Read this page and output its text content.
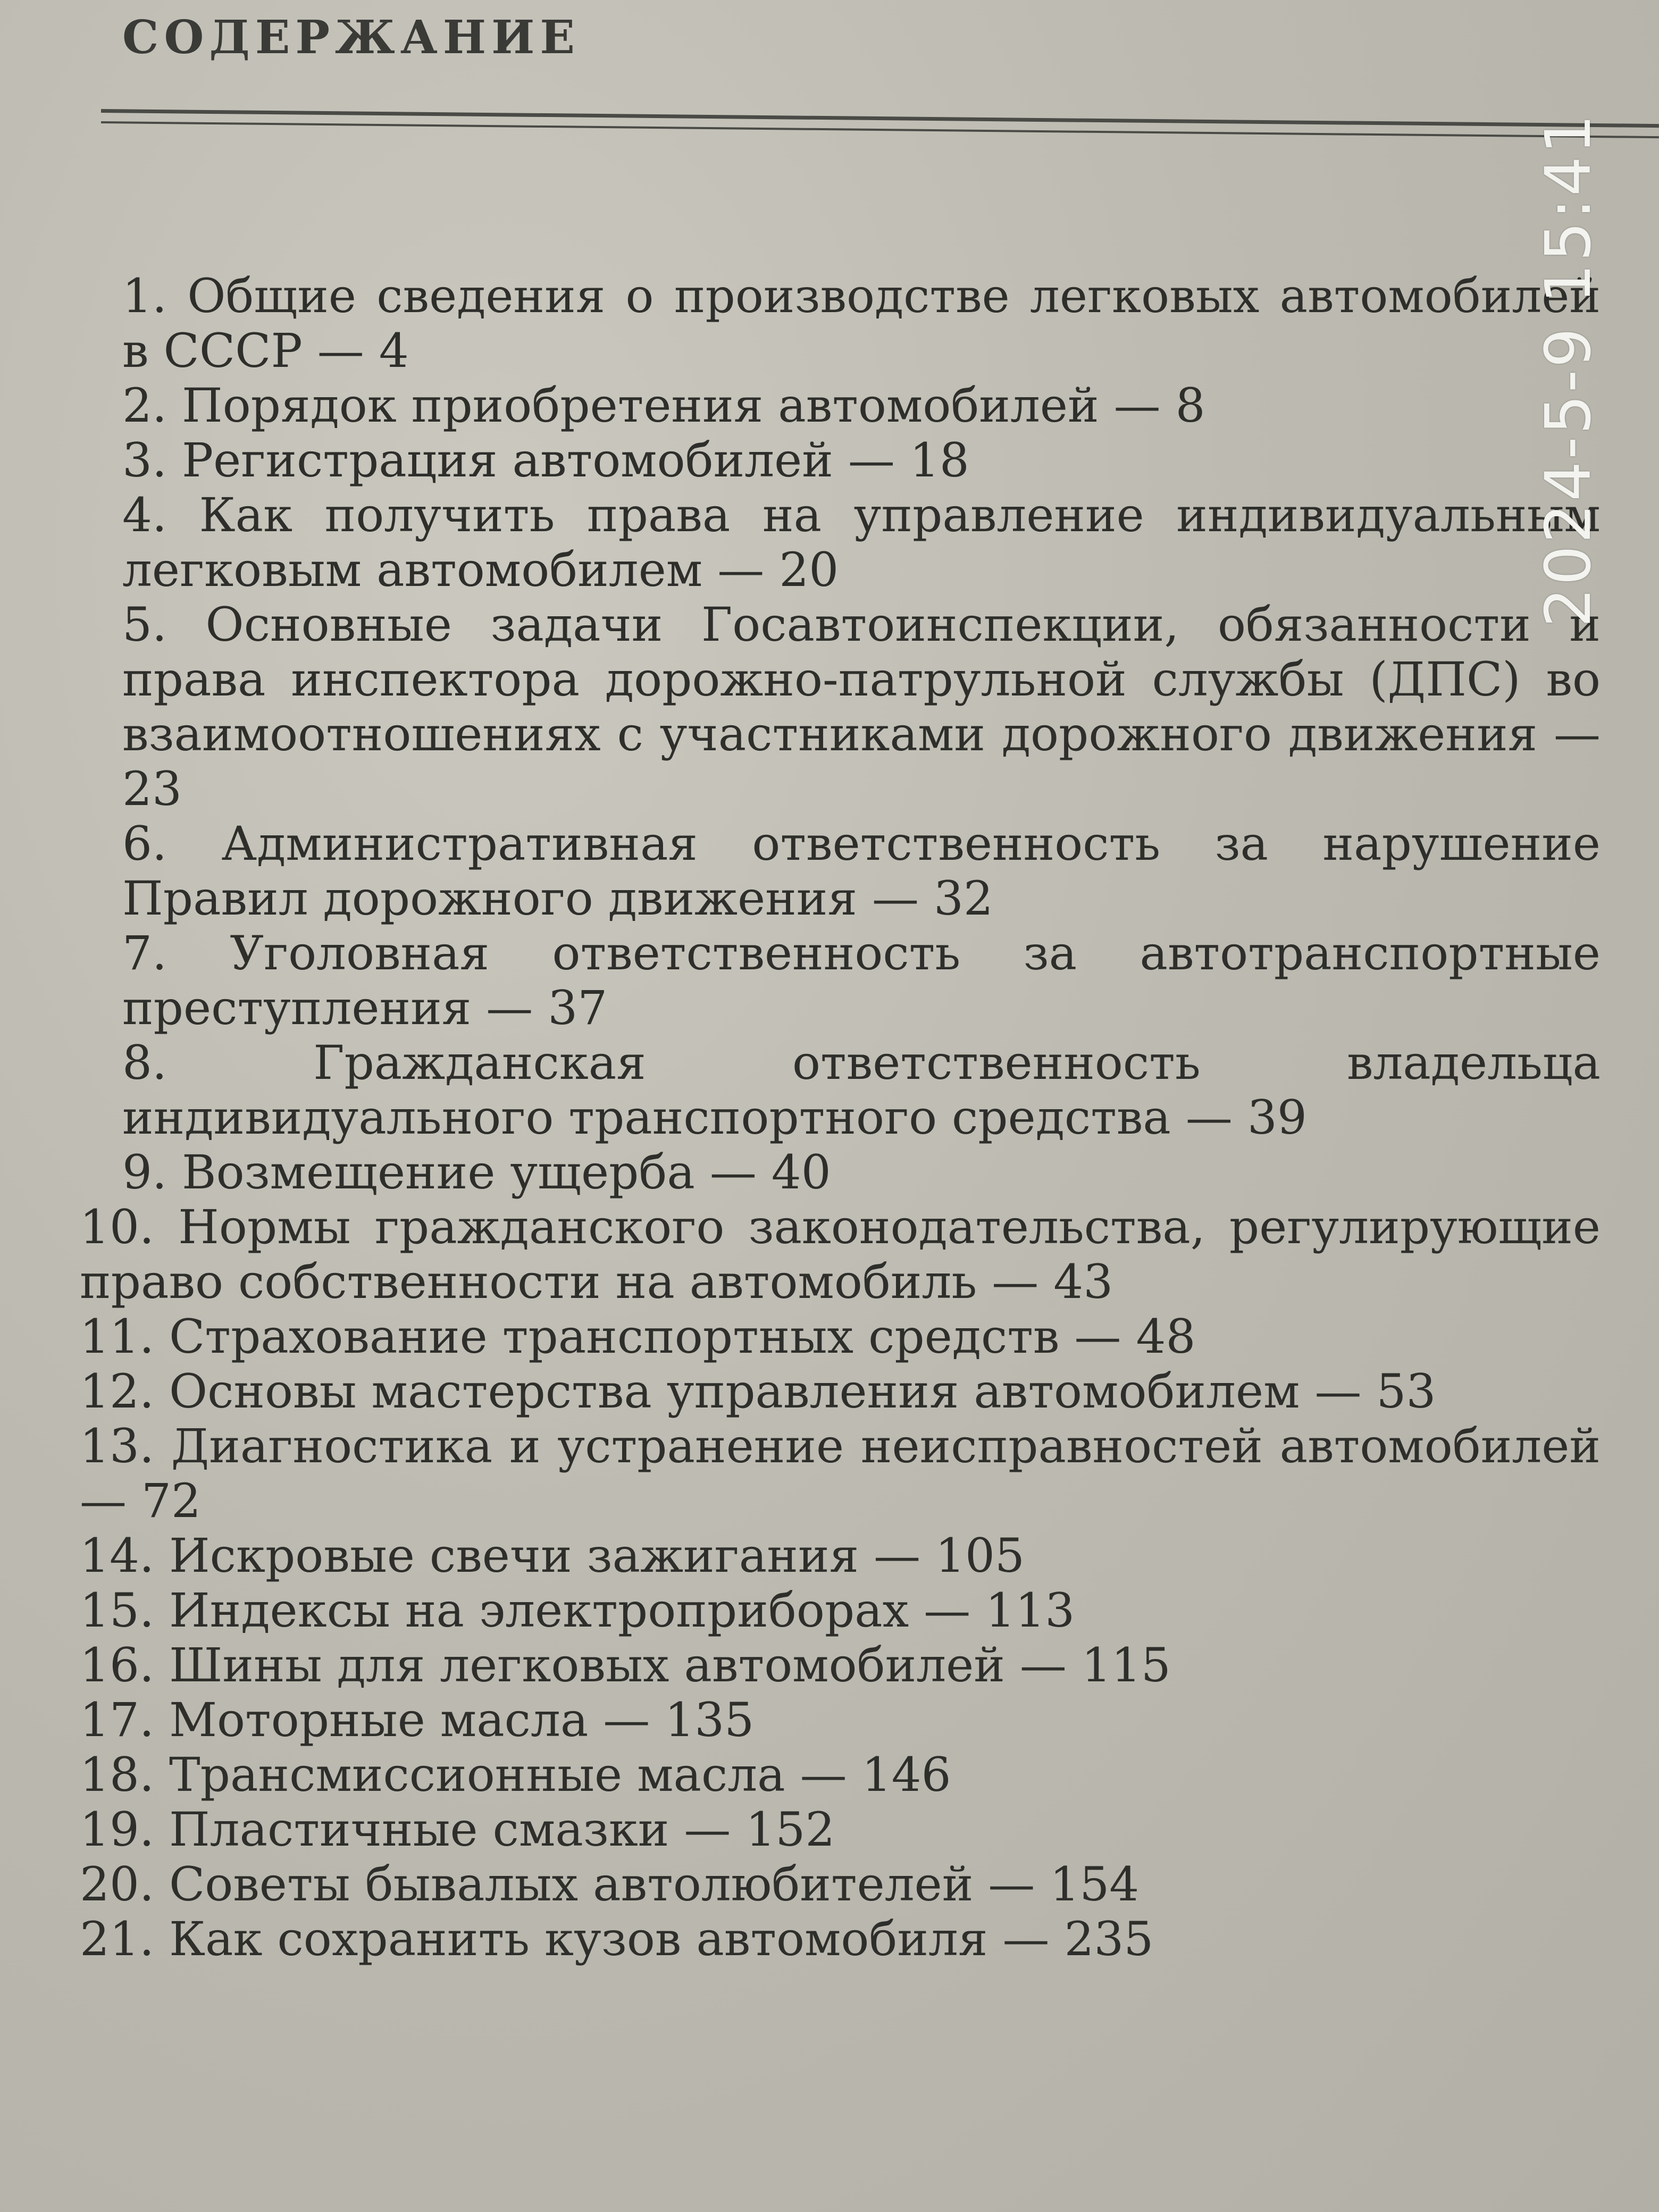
СОДЕРЖАНИЕ
1. Общие сведения о производстве легковых автомобилей в СССР — 4
2. Порядок приобретения автомобилей — 8
3. Регистрация автомобилей — 18
4. Как получить права на управление индивидуальным легковым автомобилем — 20
5. Основные задачи Госавтоинспекции, обязанности и права инспектора дорожно-патрульной службы (ДПС) во взаимоотношениях с участниками дорожного движения — 23
6. Административная ответственность за нарушение Правил дорожного движения — 32
7. Уголовная ответственность за автотранспортные преступления — 37
8.	Гражданская ответственность владельца индивидуального транспортного средства — 39
9. Возмещение ущерба — 40
10. Нормы гражданского законодательства, регулирующие право собственности на автомобиль — 43
11. Страхование транспортных средств — 48
12. Основы мастерства управления автомобилем — 53
13. Диагностика и устранение неисправностей автомобилей — 72
14. Искровые свечи зажигания — 105
15. Индексы на электроприборах — 113
16. Шины для легковых автомобилей — 115
17. Моторные масла — 135
18. Трансмиссионные масла — 146
19. Пластичные смазки — 152
20. Советы бывалых автолюбителей — 154
21. Как сохранить кузов автомобиля — 235
2024-5-9 15:41
